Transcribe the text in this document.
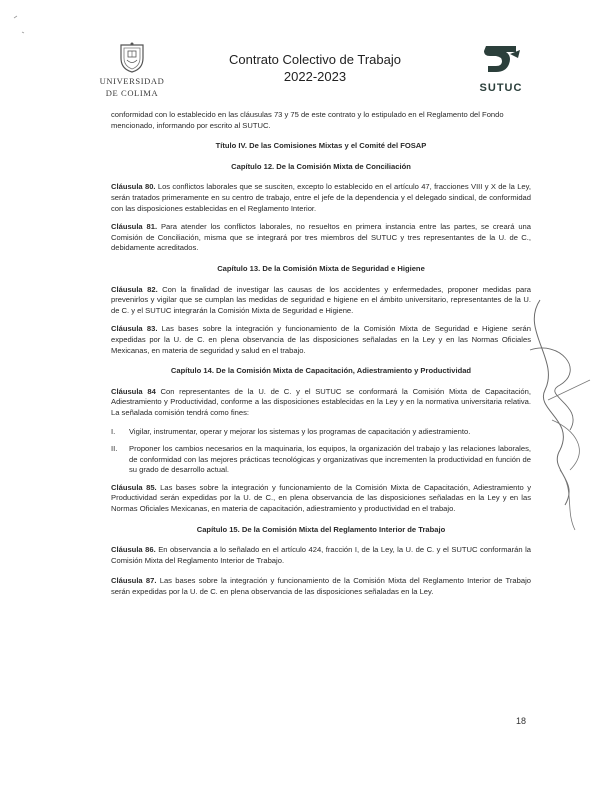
UNIVERSIDAD
DE COLIMA
Contrato Colectivo de Trabajo
2022-2023
SUTUC

conformidad con lo establecido en las cláusulas 73 y 75 de este contrato y lo estipulado en el Reglamento del Fondo mencionado, informando por escrito al SUTUC.

Título IV. De las Comisiones Mixtas y el Comité del FOSAP

Capítulo 12. De la Comisión Mixta de Conciliación

Cláusula 80. Los conflictos laborales que se susciten, excepto lo establecido en el artículo 47, fracciones VIII y X de la Ley, serán tratados primeramente en su centro de trabajo, entre el jefe de la dependencia y el delegado sindical, de conformidad con las disposiciones establecidas en el Reglamento Interior.

Cláusula 81. Para atender los conflictos laborales, no resueltos en primera instancia entre las partes, se creará una Comisión de Conciliación, misma que se integrará por tres miembros del SUTUC y tres representantes de la U. de C., debidamente acreditados.

Capítulo 13. De la Comisión Mixta de Seguridad e Higiene

Cláusula 82. Con la finalidad de investigar las causas de los accidentes y enfermedades, proponer medidas para prevenirlos y vigilar que se cumplan las medidas de seguridad e higiene en el ámbito universitario, representantes de la U. de C. y el SUTUC integrarán la Comisión Mixta de Seguridad e Higiene.

Cláusula 83. Las bases sobre la integración y funcionamiento de la Comisión Mixta de Seguridad e Higiene serán expedidas por la U. de C. en plena observancia de las disposiciones señaladas en la Ley y en las Normas Oficiales Mexicanas, en materia de seguridad y salud en el trabajo.

Capítulo 14. De la Comisión Mixta de Capacitación, Adiestramiento y Productividad

Cláusula 84 Con representantes de la U. de C. y el SUTUC se conformará la Comisión Mixta de Capacitación, Adiestramiento y Productividad, conforme a las disposiciones establecidas en la Ley y en la normativa universitaria relativa. La señalada comisión tendrá como fines:

I. Vigilar, instrumentar, operar y mejorar los sistemas y los programas de capacitación y adiestramiento.
II. Proponer los cambios necesarios en la maquinaria, los equipos, la organización del trabajo y las relaciones laborales, de conformidad con las mejores prácticas tecnológicas y organizativas que incrementen la productividad en función de su grado de desarrollo actual.

Cláusula 85. Las bases sobre la integración y funcionamiento de la Comisión Mixta de Capacitación, Adiestramiento y Productividad serán expedidas por la U. de C., en plena observancia de las disposiciones señaladas en la Ley y en las Normas Oficiales Mexicanas, en materia de capacitación, adiestramiento y productividad en el trabajo.

Capítulo 15. De la Comisión Mixta del Reglamento Interior de Trabajo

Cláusula 86. En observancia a lo señalado en el artículo 424, fracción I, de la Ley, la U. de C. y el SUTUC conformarán la Comisión Mixta del Reglamento Interior de Trabajo.

Cláusula 87. Las bases sobre la integración y funcionamiento de la Comisión Mixta del Reglamento Interior de Trabajo serán expedidas por la U. de C. en plena observancia de las disposiciones señaladas en la Ley.

18
